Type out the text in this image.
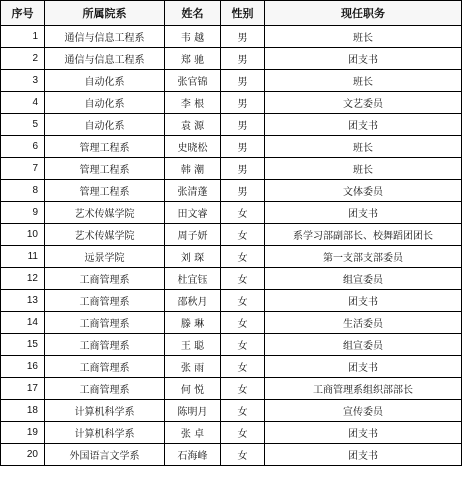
序号	所属院系	姓名	性别	现任职务
1	通信与信息工程系	韦 越	男	班长
2	通信与信息工程系	郑 驰	男	团支书
3	自动化系	张官锦	男	班长
4	自动化系	李 根	男	文艺委员
5	自动化系	袁 源	男	团支书
6	管理工程系	史晓松	男	班长
7	管理工程系	韩 潮	男	班长
8	管理工程系	张清蓬	男	文体委员
9	艺术传媒学院	田文睿	女	团支书
10	艺术传媒学院	周子妍	女	系学习部副部长、校舞蹈团团长
11	远景学院	刘 琛	女	第一支部支部委员
12	工商管理系	杜宜钰	女	组宣委员
13	工商管理系	邵秋月	女	团支书
14	工商管理系	滕 琳	女	生活委员
15	工商管理系	王 聪	女	组宣委员
16	工商管理系	张 雨	女	团支书
17	工商管理系	何 悦	女	工商管理系组织部部长
18	计算机科学系	陈明月	女	宣传委员
19	计算机科学系	张 卓	女	团支书
20	外国语言文学系	石海峰	女	团支书
